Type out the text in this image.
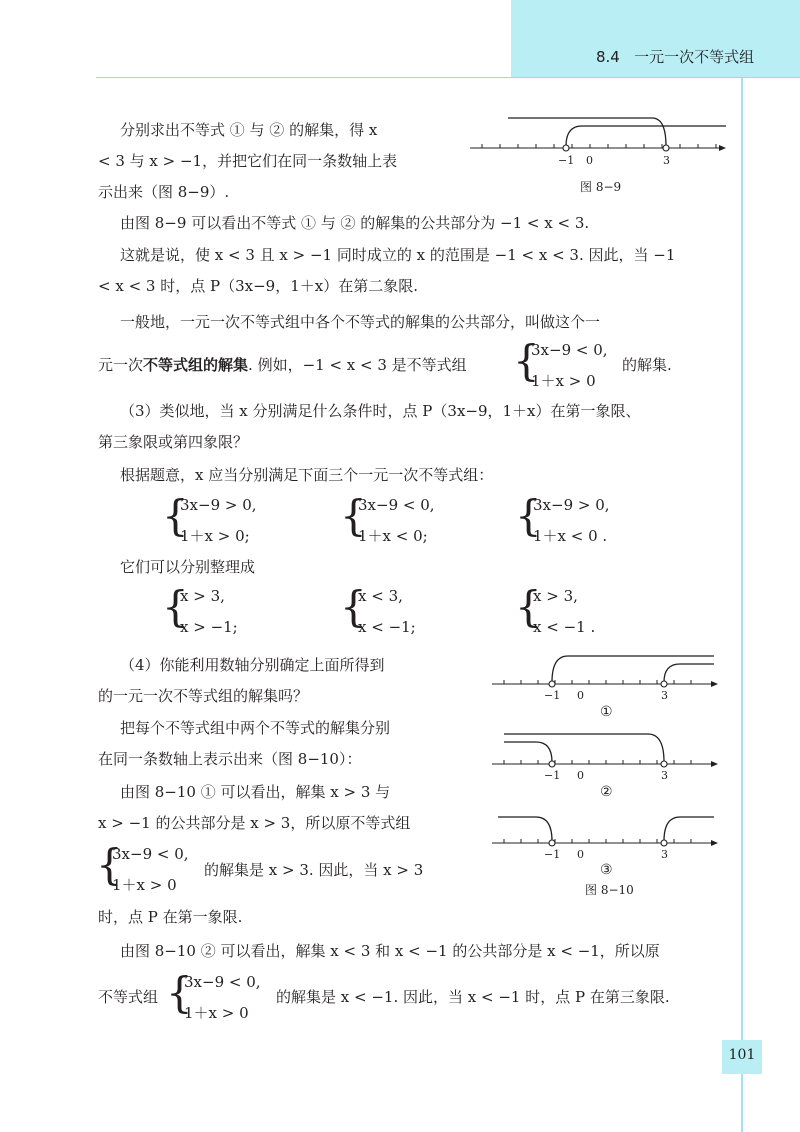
8.4 一元一次不等式组
分别求出不等式 ① 与 ② 的解集，得 x
< 3 与 x > −1，并把它们在同一条数轴上表
示出来（图 8−9）.
−1 0	3
图 8−9
由图 8−9 可以看出不等式 ① 与 ② 的解集的公共部分为 −1 < x < 3.
这就是说，使 x < 3 且 x > −1 同时成立的 x 的范围是 −1 < x < 3. 因此，当 −1
< x < 3 时，点 P（3x−9，1＋x）在第二象限.
一般地，一元一次不等式组中各个不等式的解集的公共部分，叫做这个一
元一次不等式组的解集. 例如，−1 < x < 3 是不等式组 {
3x−9 < 0,
1＋x > 0
的解集.
（3）类似地，当 x 分别满足什么条件时，点 P（3x−9，1＋x）在第一象限、
第三象限或第四象限？
根据题意，x 应当分别满足下面三个一元一次不等式组：
{
3x−9 > 0,
1＋x > 0; {
3x−9 < 0,
1＋x < 0; {
3x−9 > 0,
1＋x < 0 .
它们可以分别整理成
{
x > 3,
x > −1; {
x < 3,
x < −1; {
x > 3,
x < −1 .
（4）你能利用数轴分别确定上面所得到
的一元一次不等式组的解集吗？
把每个不等式组中两个不等式的解集分别
在同一条数轴上表示出来（图 8−10）：
由图 8−10 ① 可以看出，解集 x > 3 与
x > −1 的公共部分是 x > 3，所以原不等式组
{
3x−9 < 0,
1＋x > 0
的解集是 x > 3. 因此，当 x > 3
时，点 P 在第一象限.
−1 0	3
①
−1 0	3
②
−1 0	3
③
图 8−10
由图 8−10 ② 可以看出，解集 x < 3 和 x < −1 的公共部分是 x < −1，所以原
不等式组 {
3x−9 < 0,
1＋x > 0
的解集是 x < −1. 因此，当 x < −1 时，点 P 在第三象限.
101
